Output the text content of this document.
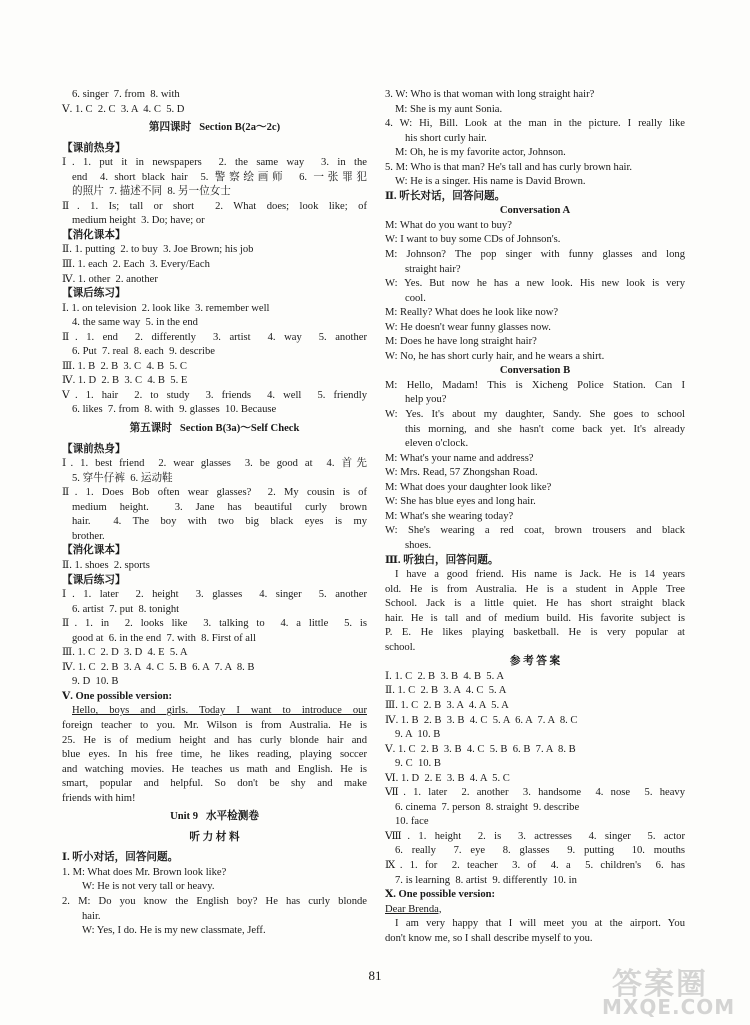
6. singer  7. from  8. with

Ⅴ. 1. C  2. C  3. A  4. C  5. D

第四课时   Section B(2a～2c)

【课前热身】

Ⅰ. 1. put it in newspapers  2. the same way  3. in the

end  4. short black hair  5. 警察绘画师  6. 一张罪犯

的照片  7. 描述不同  8. 另一位女士

Ⅱ. 1. Is; tall or short  2. What does; look like; of

medium height  3. Do; have; or

【消化课本】

Ⅱ. 1. putting  2. to buy  3. Joe Brown; his job

Ⅲ. 1. each  2. Each  3. Every/Each

Ⅳ. 1. other  2. another

【课后练习】

Ⅰ. 1. on television  2. look like  3. remember well

4. the same way  5. in the end

Ⅱ. 1. end  2. differently  3. artist  4. way  5. another

6. Put  7. real  8. each  9. describe

Ⅲ. 1. B  2. B  3. C  4. B  5. C

Ⅳ. 1. D  2. B  3. C  4. B  5. E

Ⅴ. 1. hair  2. to study  3. friends  4. well  5. friendly

6. likes  7. from  8. with  9. glasses  10. Because

第五课时   Section B(3a)～Self Check

【课前热身】

Ⅰ. 1. best friend  2. wear glasses  3. be good at  4. 首先

5. 穿牛仔裤  6. 运动鞋

Ⅱ. 1. Does Bob often wear glasses?  2. My cousin is of

medium height.  3. Jane has beautiful curly brown

hair.  4. The boy with two big black eyes is my

brother.

【消化课本】

Ⅱ. 1. shoes  2. sports

【课后练习】

Ⅰ. 1. later  2. height  3. glasses  4. singer  5. another

6. artist  7. put  8. tonight

Ⅱ. 1. in  2. looks like  3. talking to  4. a little  5. is

good at  6. in the end  7. with  8. First of all

Ⅲ. 1. C  2. D  3. D  4. E  5. A

Ⅳ. 1. C  2. B  3. A  4. C  5. B  6. A  7. A  8. B

9. D  10. B

Ⅴ. One possible version:

Hello, boys and girls. Today I want to introduce our

foreign teacher to you. Mr. Wilson is from Australia. He is

25. He is of medium height and has curly blonde hair and

blue eyes. In his free time, he likes reading, playing soccer

and watching movies. He teaches us math and English. He is

smart, popular and helpful. So don't be shy and make

friends with him!

Unit 9   水平检测卷

听 力 材 料

Ⅰ. 听小对话，回答问题。

1. M: What does Mr. Brown look like?

W: He is not very tall or heavy.

2. M: Do you know the English boy? He has curly blonde

hair.

W: Yes, I do. He is my new classmate, Jeff.

3. W: Who is that woman with long straight hair?

M: She is my aunt Sonia.

4. W: Hi, Bill. Look at the man in the picture. I really like

his short curly hair.

M: Oh, he is my favorite actor, Johnson.

5. M: Who is that man? He's tall and has curly brown hair.

W: He is a singer. His name is David Brown.

Ⅱ. 听长对话，回答问题。

Conversation A

M: What do you want to buy?

W: I want to buy some CDs of Johnson's.

M: Johnson? The pop singer with funny glasses and long

straight hair?

W: Yes. But now he has a new look. His new look is very

cool.

M: Really? What does he look like now?

W: He doesn't wear funny glasses now.

M: Does he have long straight hair?

W: No, he has short curly hair, and he wears a shirt.

Conversation B

M: Hello, Madam! This is Xicheng Police Station. Can I

help you?

W: Yes. It's about my daughter, Sandy. She goes to school

this morning, and she hasn't come back yet. It's already

eleven o'clock.

M: What's your name and address?

W: Mrs. Read, 57 Zhongshan Road.

M: What does your daughter look like?

W: She has blue eyes and long hair.

M: What's she wearing today?

W: She's wearing a red coat, brown trousers and black

shoes.

Ⅲ. 听独白，回答问题。

I have a good friend. His name is Jack. He is 14 years

old. He is from Australia. He is a student in Apple Tree

School. Jack is a little quiet. He has short straight black

hair. He is tall and of medium build. His favorite subject is

P. E. He likes playing basketball. He is very popular at

school.

参 考 答 案

Ⅰ. 1. C  2. B  3. B  4. B  5. A

Ⅱ. 1. C  2. B  3. A  4. C  5. A

Ⅲ. 1. C  2. B  3. A  4. A  5. A

Ⅳ. 1. B  2. B  3. B  4. C  5. A  6. A  7. A  8. C

9. A  10. B

Ⅴ. 1. C  2. B  3. B  4. C  5. B  6. B  7. A  8. B

9. C  10. B

Ⅵ. 1. D  2. E  3. B  4. A  5. C

Ⅶ. 1. later  2. another  3. handsome  4. nose  5. heavy

6. cinema  7. person  8. straight  9. describe

10. face

Ⅷ. 1. height  2. is  3. actresses  4. singer  5. actor

6. really  7. eye  8. glasses  9. putting  10. mouths

Ⅸ. 1. for  2. teacher  3. of  4. a  5. children's  6. has

7. is learning  8. artist  9. differently  10. in

Ⅹ. One possible version:

Dear Brenda,

I am very happy that I will meet you at the airport. You

don't know me, so I shall describe myself to you.

81	答案圈
MXQE.COM
